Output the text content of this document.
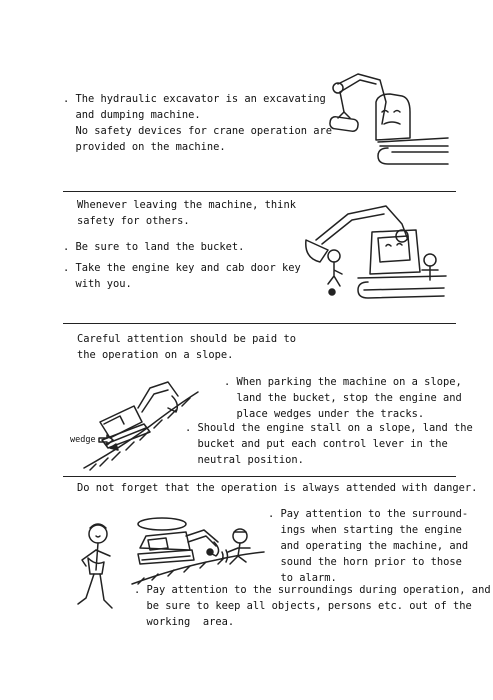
. The hydraulic excavator is an excavating
and dumping machine.
No safety devices for crane operation are
provided on the machine.
Whenever leaving the machine, think
safety for others.
. Be sure to land the bucket.
. Take the engine key and cab door key
with you.
Careful attention should be paid to
the operation on a slope.
. When parking the machine on a slope,
land the bucket, stop the engine and
place wedges under the tracks.
. Should the engine stall on a slope, land the
bucket and put each control lever in the
neutral position.
wedge
Do not forget that the operation is always attended with danger.
. Pay attention to the surround-
ings when starting the engine
and operating the machine, and
sound the horn prior to those
to alarm.
. Pay attention to the surroundings during operation, and
be sure to keep all objects, persons etc. out of the
working  area.
